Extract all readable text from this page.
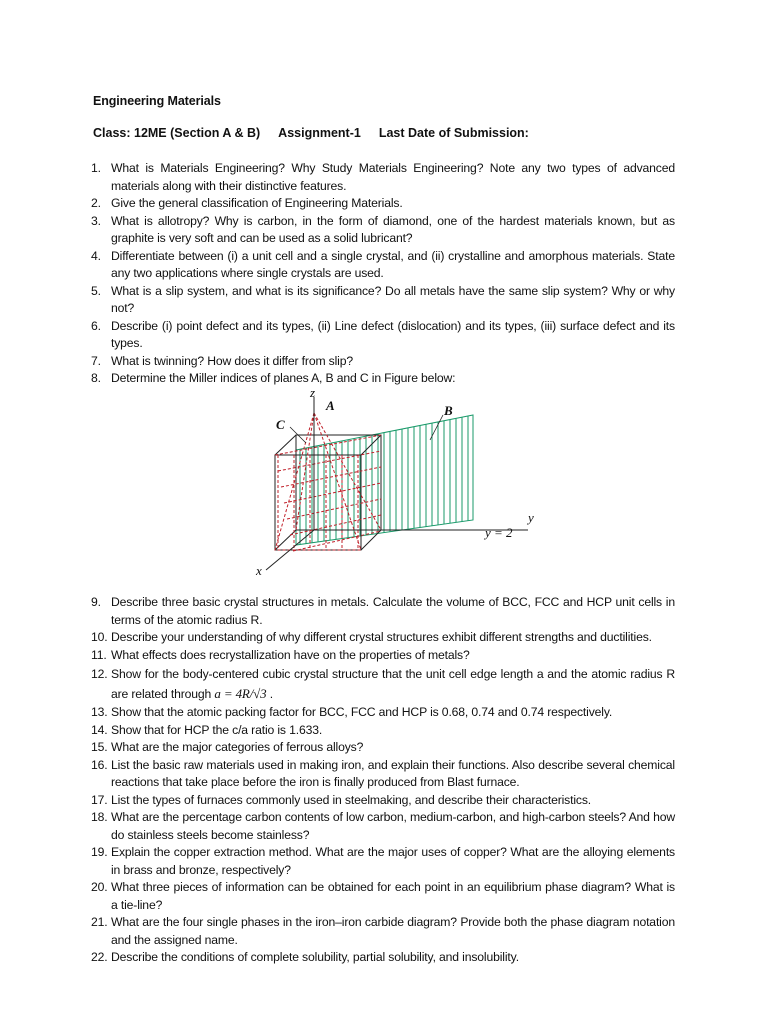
Engineering Materials
Class: 12ME (Section A & B) Assignment-1 Last Date of Submission:
1. What is Materials Engineering? Why Study Materials Engineering? Note any two types of advanced materials along with their distinctive features.
2. Give the general classification of Engineering Materials.
3. What is allotropy? Why is carbon, in the form of diamond, one of the hardest materials known, but as graphite is very soft and can be used as a solid lubricant?
4. Differentiate between (i) a unit cell and a single crystal, and (ii) crystalline and amorphous materials. State any two applications where single crystals are used.
5. What is a slip system, and what is its significance? Do all metals have the same slip system? Why or why not?
6. Describe (i) point defect and its types, (ii) Line defect (dislocation) and its types, (iii) surface defect and its types.
7. What is twinning? How does it differ from slip?
8. Determine the Miller indices of planes A, B and C in Figure below:
z
A	B
C
y
y = 2
x
9. Describe three basic crystal structures in metals. Calculate the volume of BCC, FCC and HCP unit cells in terms of the atomic radius R.
10. Describe your understanding of why different crystal structures exhibit different strengths and ductilities.
11. What effects does recrystallization have on the properties of metals?
12. Show for the body-centered cubic crystal structure that the unit cell edge length a and the atomic radius R are related through a = 4R/√3 .
13. Show that the atomic packing factor for BCC, FCC and HCP is 0.68, 0.74 and 0.74 respectively.
14. Show that for HCP the c/a ratio is 1.633.
15. What are the major categories of ferrous alloys?
16. List the basic raw materials used in making iron, and explain their functions. Also describe several chemical reactions that take place before the iron is finally produced from Blast furnace.
17. List the types of furnaces commonly used in steelmaking, and describe their characteristics.
18. What are the percentage carbon contents of low carbon, medium-carbon, and high-carbon steels? And how do stainless steels become stainless?
19. Explain the copper extraction method. What are the major uses of copper? What are the alloying elements in brass and bronze, respectively?
20. What three pieces of information can be obtained for each point in an equilibrium phase diagram? What is a tie-line?
21. What are the four single phases in the iron–iron carbide diagram? Provide both the phase diagram notation and the assigned name.
22. Describe the conditions of complete solubility, partial solubility, and insolubility.
